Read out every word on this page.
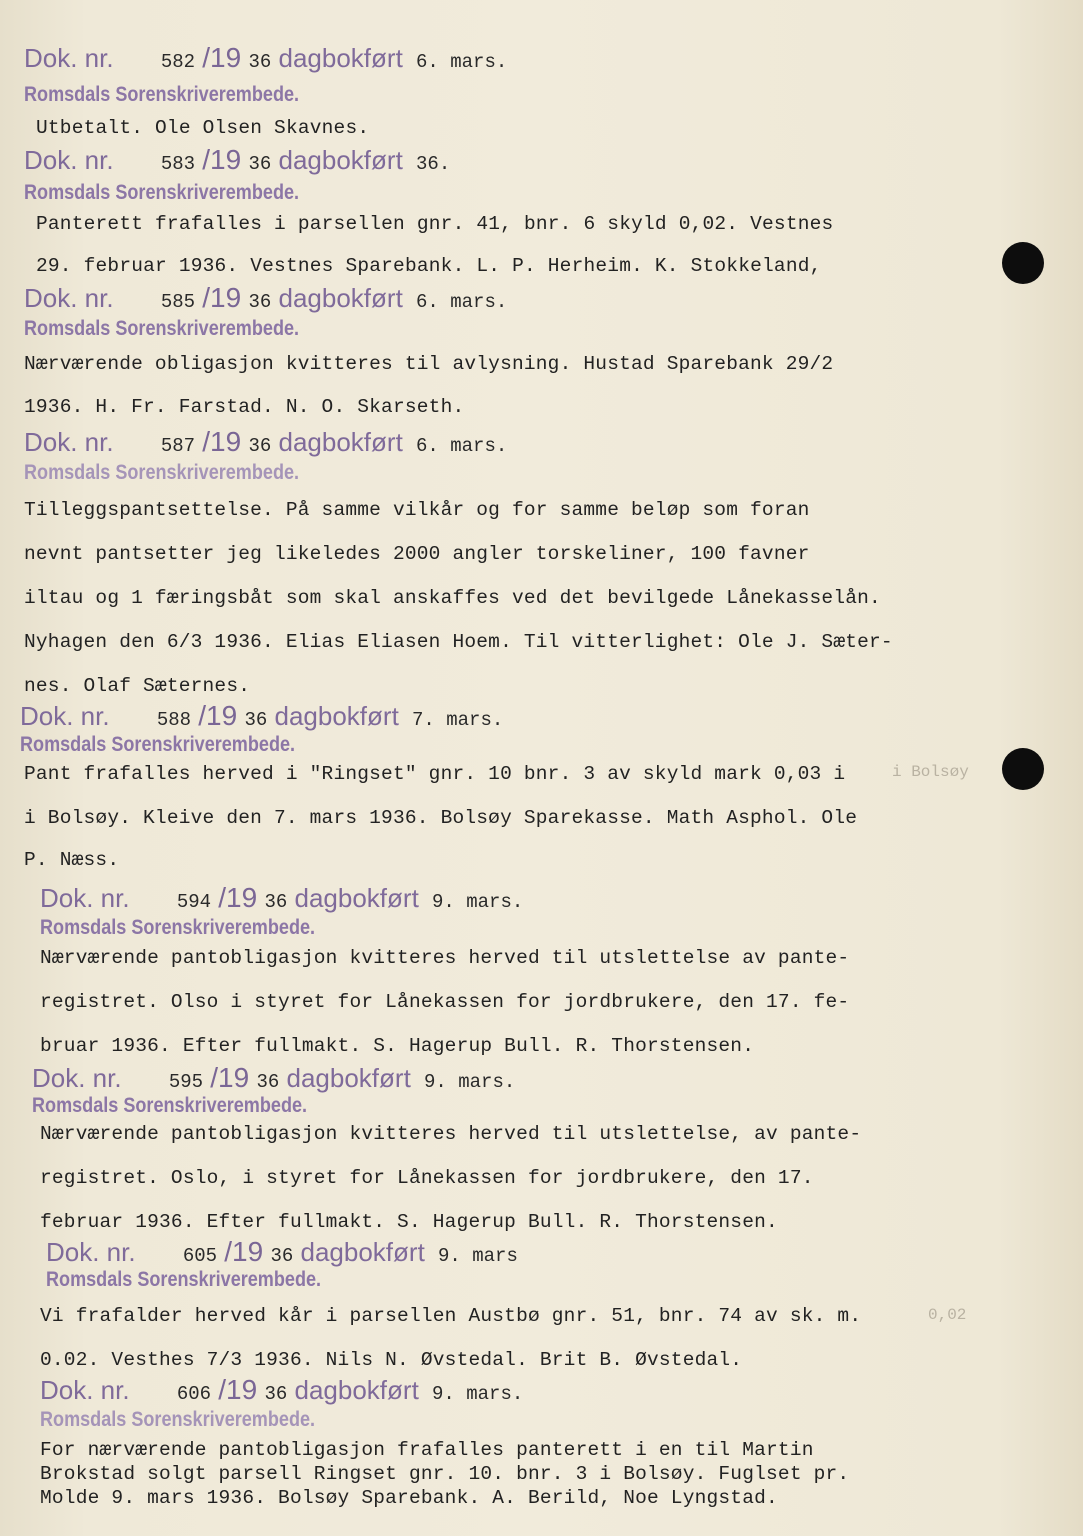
Dok. nr. 582 /19 36 dagbokført 6. mars.
Romsdals Sorenskriverembede.
Utbetalt. Ole Olsen Skavnes.
Dok. nr. 583 /19 36 dagbokført 36.
Romsdals Sorenskriverembede.
Panterett frafalles i parsellen gnr. 41, bnr. 6 skyld 0,02. Vestnes
29. februar 1936. Vestnes Sparebank. L. P. Herheim. K. Stokkeland,
Dok. nr. 585 /19 36 dagbokført 6. mars.
Romsdals Sorenskriverembede.
Nærværende obligasjon kvitteres til avlysning. Hustad Sparebank 29/2
1936. H. Fr. Farstad. N. O. Skarseth.
Dok. nr. 587 /19 36 dagbokført 6. mars.
Romsdals Sorenskriverembede.
Tilleggspantsettelse. På samme vilkår og for samme beløp som foran
nevnt pantsetter jeg likeledes 2000 angler torskeliner, 100 favner
iltau og 1 færingsbåt som skal anskaffes ved det bevilgede Lånekasselån.
Nyhagen den 6/3 1936. Elias Eliasen Hoem. Til vitterlighet: Ole J. Sæter-
nes. Olaf Sæternes.
Dok. nr. 588 /19 36 dagbokført 7. mars.
Romsdals Sorenskriverembede.
Pant frafalles herved i "Ringset" gnr. 10 bnr. 3 av skyld mark 0,03 i
i Bolsøy. Kleive den 7. mars 1936. Bolsøy Sparekasse. Math Asphol. Ole
P. Næss.
Dok. nr. 594 /19 36 dagbokført 9. mars.
Romsdals Sorenskriverembede.
Nærværende pantobligasjon kvitteres herved til utslettelse av pante-
registret. Olso i styret for Lånekassen for jordbrukere, den 17. fe-
bruar 1936. Efter fullmakt. S. Hagerup Bull. R. Thorstensen.
Dok. nr. 595 /19 36 dagbokført 9. mars.
Romsdals Sorenskriverembede.
Nærværende pantobligasjon kvitteres herved til utslettelse, av pante-
registret. Oslo, i styret for Lånekassen for jordbrukere, den 17.
februar 1936. Efter fullmakt. S. Hagerup Bull. R. Thorstensen.
Dok. nr. 605 /19 36 dagbokført 9. mars
Romsdals Sorenskriverembede.
Vi frafalder herved kår i parsellen Austbø gnr. 51, bnr. 74 av sk. m.
0.02. Vesthes 7/3 1936. Nils N. Øvstedal. Brit B. Øvstedal.
Dok. nr. 606 /19 36 dagbokført 9. mars.
Romsdals Sorenskriverembede.
For nærværende pantobligasjon frafalles panterett i en til Martin
Brokstad solgt parsell Ringset gnr. 10. bnr. 3 i Bolsøy. Fuglset pr.
Molde 9. mars 1936. Bolsøy Sparebank. A. Berild, Noe Lyngstad.
i Bolsøy
0,02
